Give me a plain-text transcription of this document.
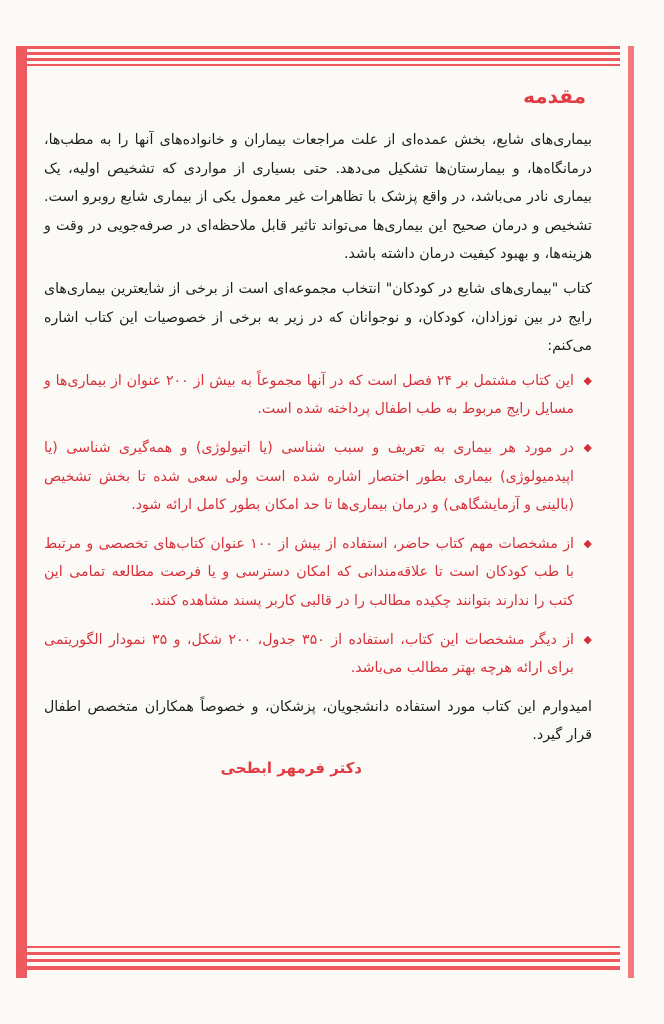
مقدمه

بیماری‌های شایع، بخش عمده‌ای از علت مراجعات بیماران و خانواده‌های آنها را به مطب‌ها، درمانگاه‌ها، و بیمارستان‌ها تشکیل می‌دهد. حتی بسیاری از مواردی که تشخیص اولیه، یک بیماری نادر می‌باشد، در واقع پزشک با تظاهرات غیر معمول یکی از بیماری شایع روبرو است. تشخیص و درمان صحیح این بیماری‌ها می‌تواند تاثیر قابل ملاحظه‌ای در صرفه‌جویی در وقت و هزینه‌ها، و بهبود کیفیت درمان داشته باشد.

کتاب "بیماری‌های شایع در کودکان" انتخاب مجموعه‌ای است از برخی از شایعترین بیماری‌های رایج در بین نوزادان، کودکان، و نوجوانان که در زیر به برخی از خصوصیات این کتاب اشاره می‌کنم:

◆
این کتاب مشتمل بر ۲۴ فصل است که در آنها مجموعاً به بیش از ۲۰۰ عنوان از بیماری‌ها و مسایل رایج مربوط به طب اطفال پرداخته شده است.
◆
در مورد هر بیماری به تعریف و سبب شناسی (یا اتیولوژی) و همه‌گیری شناسی (یا اپیدمیولوژی) بیماری بطور اختصار اشاره شده است ولی سعی شده تا بخش تشخیص (بالینی و آزمایشگاهی) و درمان بیماری‌ها تا حد امکان بطور کامل ارائه شود.
◆
از مشخصات مهم کتاب حاضر، استفاده از بیش از ۱۰۰ عنوان کتاب‌های تخصصی و مرتبط با طب کودکان است تا علاقه‌مندانی که امکان دسترسی و یا فرصت مطالعه تمامی این کتب را ندارند بتوانند چکیده مطالب را در قالبی کاربر پسند مشاهده کنند.
◆
از دیگر مشخصات این کتاب، استفاده از ۳۵۰ جدول، ۲۰۰ شکل، و ۳۵ نمودار الگوریتمی برای ارائه هرچه بهتر مطالب می‌باشد.

امیدوارم این کتاب مورد استفاده دانشجویان، پزشکان، و خصوصاً همکاران متخصص اطفال قرار گیرد.

دکتر فرمهر ابطحی
